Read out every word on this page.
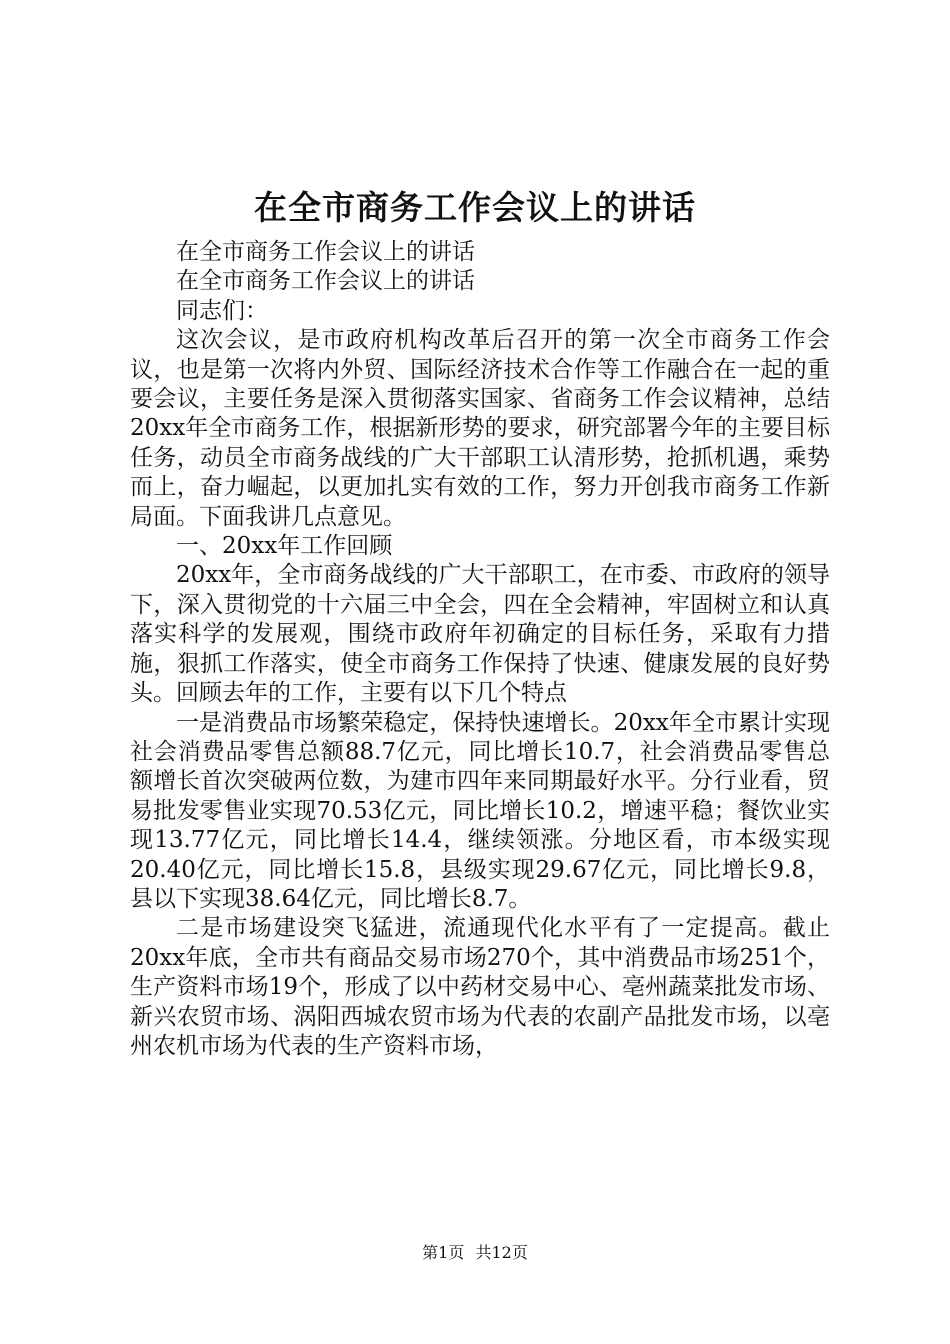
在全市商务工作会议上的讲话

在全市商务工作会议上的讲话

在全市商务工作会议上的讲话

同志们：

这次会议，是市政府机构改革后召开的第一次全市商务工作会议，也是第一次将内外贸、国际经济技术合作等工作融合在一起的重要会议，主要任务是深入贯彻落实国家、省商务工作会议精神，总结20xx年全市商务工作，根据新形势的要求，研究部署今年的主要目标任务，动员全市商务战线的广大干部职工认清形势，抢抓机遇，乘势而上，奋力崛起，以更加扎实有效的工作，努力开创我市商务工作新局面。下面我讲几点意见。

一、20xx年工作回顾

20xx年，全市商务战线的广大干部职工，在市委、市政府的领导下，深入贯彻党的十六届三中全会，四在全会精神，牢固树立和认真落实科学的发展观，围绕市政府年初确定的目标任务，采取有力措施，狠抓工作落实，使全市商务工作保持了快速、健康发展的良好势头。回顾去年的工作，主要有以下几个特点

一是消费品市场繁荣稳定，保持快速增长。20xx年全市累计实现社会消费品零售总额88.7亿元，同比增长10.7，社会消费品零售总额增长首次突破两位数，为建市四年来同期最好水平。分行业看，贸易批发零售业实现70.53亿元，同比增长10.2，增速平稳；餐饮业实现13.77亿元，同比增长14.4，继续领涨。分地区看，市本级实现20.40亿元，同比增长15.8，县级实现29.67亿元，同比增长9.8，县以下实现38.64亿元，同比增长8.7。

二是市场建设突飞猛进，流通现代化水平有了一定提高。截止20xx年底，全市共有商品交易市场270个，其中消费品市场251个，生产资料市场19个，形成了以中药材交易中心、亳州蔬菜批发市场、新兴农贸市场、涡阳西城农贸市场为代表的农副产品批发市场，以亳州农机市场为代表的生产资料市场，

第1页 共12页
